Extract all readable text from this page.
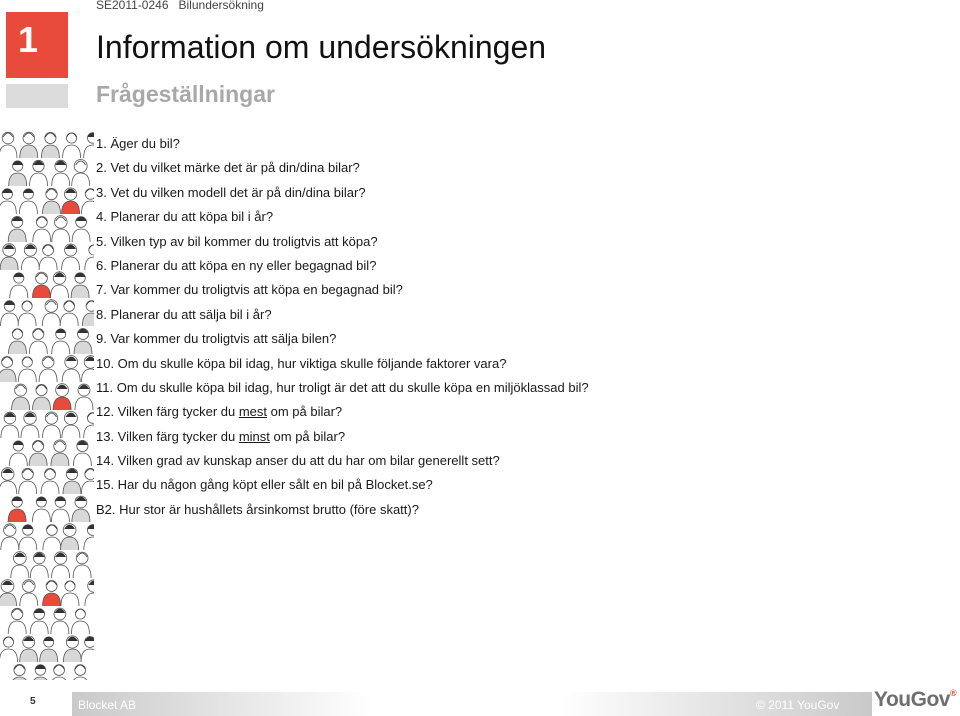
SE2011-0246 Bilundersökning
1 Information om undersökningen
Frågeställningar
1. Äger du bil?
2. Vet du vilket märke det är på din/dina bilar?
3. Vet du vilken modell det är på din/dina bilar?
4. Planerar du att köpa bil i år?
5. Vilken typ av bil kommer du troligtvis att köpa?
6. Planerar du att köpa en ny eller begagnad bil?
7. Var kommer du troligtvis att köpa en begagnad bil?
8. Planerar du att sälja bil i år?
9. Var kommer du troligtvis att sälja bilen?
10. Om du skulle köpa bil idag, hur viktiga skulle följande faktorer vara?
11. Om du skulle köpa bil idag, hur troligt är det att du skulle köpa en miljöklassad bil?
12. Vilken färg tycker du mest om på bilar?
13. Vilken färg tycker du minst om på bilar?
14. Vilken grad av kunskap anser du att du har om bilar generellt sett?
15. Har du någon gång köpt eller sålt en bil på Blocket.se?
B2. Hur stor är hushållets årsinkomst brutto (före skatt)?
5	Blocket AB	© 2011 YouGov YouGov®
